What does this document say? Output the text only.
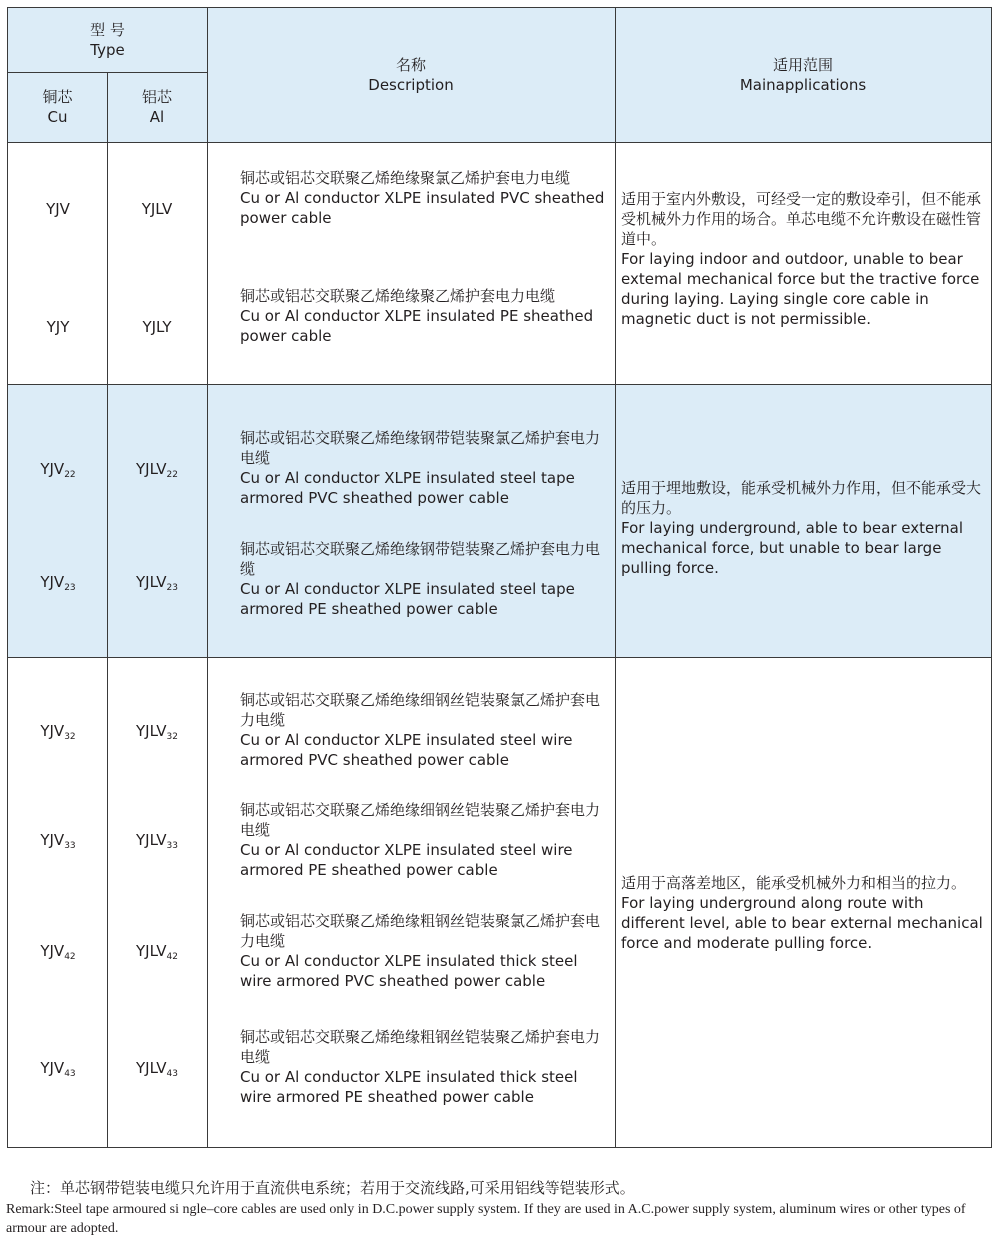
型 号
Type
铜芯
Cu
铝芯
Al
名称
Description
适用范围
Mainapplications
YJV	YJLV
铜芯或铝芯交联聚乙烯绝缘聚氯乙烯护套电力电缆
Cu or Al conductor XLPE insulated PVC sheathed power cable
YJY	YJLY
铜芯或铝芯交联聚乙烯绝缘聚乙烯护套电力电缆
Cu or Al conductor XLPE insulated PE sheathed power cable
适用于室内外敷设，可经受一定的敷设牵引，但不能承受机械外力作用的场合。单芯电缆不允许敷设在磁性管道中。
For laying indoor and outdoor, unable to bear extemal mechanical force but the tractive force during laying. Laying single core cable in magnetic duct is not permissible.
$YJV_{22}$	$YJLV_{22}$
铜芯或铝芯交联聚乙烯绝缘钢带铠装聚氯乙烯护套电力电缆
Cu or Al conductor XLPE insulated steel tape armored PVC sheathed power cable
$YJV_{23}$	$YJLV_{23}$
铜芯或铝芯交联聚乙烯绝缘钢带铠装聚乙烯护套电力电缆
Cu or Al conductor XLPE insulated steel tape armored PE sheathed power cable
适用于埋地敷设，能承受机械外力作用，但不能承受大的压力。
For laying underground, able to bear external mechanical force, but unable to bear large pulling force.
$YJV_{32}$	$YJLV_{32}$
铜芯或铝芯交联聚乙烯绝缘细钢丝铠装聚氯乙烯护套电力电缆
Cu or Al conductor XLPE insulated steel wire armored PVC sheathed power cable
$YJV_{33}$	$YJLV_{33}$
铜芯或铝芯交联聚乙烯绝缘细钢丝铠装聚乙烯护套电力电缆
Cu or Al conductor XLPE insulated steel wire armored PE sheathed power cable
$YJV_{42}$	$YJLV_{42}$
铜芯或铝芯交联聚乙烯绝缘粗钢丝铠装聚氯乙烯护套电力电缆
Cu or Al conductor XLPE insulated thick steel wire armored PVC sheathed power cable
$YJV_{43}$	$YJLV_{43}$
铜芯或铝芯交联聚乙烯绝缘粗钢丝铠装聚乙烯护套电力电缆
Cu or Al conductor XLPE insulated thick steel wire armored PE sheathed power cable
适用于高落差地区，能承受机械外力和相当的拉力。
For laying underground along route with different level, able to bear external mechanical force and moderate pulling force.
注：单芯钢带铠装电缆只允许用于直流供电系统；若用于交流线路,可采用铝线等铠装形式。
Remark:Steel tape armoured si ngle–core cables are used only in D.C.power supply system. If they are used in A.C.power supply system, aluminum wires or other types of armour are adopted.
